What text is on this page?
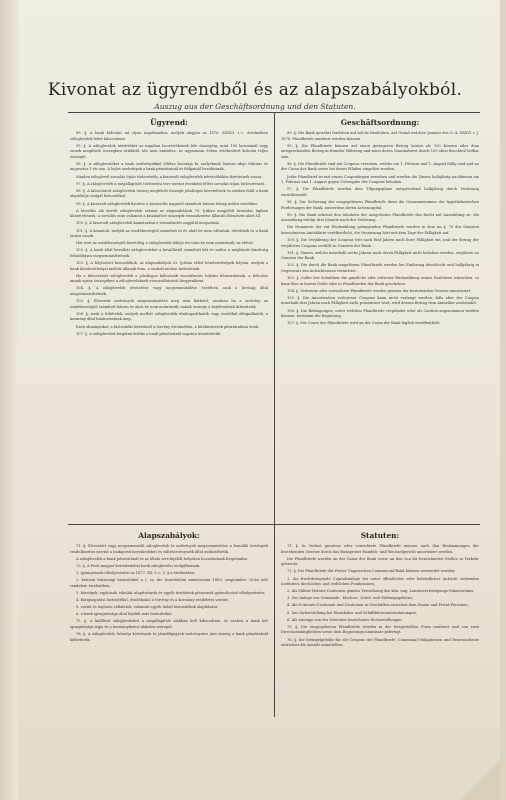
Kivonat az ügyrendből és az alapszabályokból.
Auszug aus der Geschäftsordnung und den Statuten.
Ügyrend:

89. §. A bank kölcsönt ad olyan ingatlanokra, melyek alapján az 1876. XXXVI. t.-c. értelmében záloglevelek lehet kibocsátani.

95. §. A záloglevelek névértékét az ingatlan becsértékének fele összegéig, mint 100 koronánál vagy ennek megfelelő összegben értékből, ide nem számítva, az ugyanazon évben értékesített kölcsön teljes összegét.

96. §. A zálogleveleket a bank szelvényekkel ellátva bocsátja ki, melyeknek lejárati ideje február és augusztus 1-én van. A lejárt szelvények a bank pénztáránál és fiókjainál beváltatnak.

Minden záloglevél sorsolás útján törlesztetik; a kisorsolt záloglevelek névértékükön fizettetnek vissza.

97. §. A záloglevelek a megállapított törlesztési terv szerint évenként félévi sorsolás útján törlesztetnek.

98. §. A kibocsátott záloglevelek összeg megfelelő összegű jelzálogos követelések és ezeken felül a bank alaptőkéje szolgál biztosítékul.

99. §. A kisorsolt záloglevelek fizetése a kisorsolás napjától számított három hónap múlva esedékes.

A bevallás alá került záloglevelek számai az alapszabályok 70. §-ában megjelölt hivatalos lapban közzététetnek; a sorsolás után valamint a kiszámított összegek visszafizetése állandó ellenőrzés alatt áll.

100. §. A kisorsolt záloglevelek kamatozása a visszafizetés napjától megszűnik.

101. §. A kamatok, melyek az esedékességtől számított öt év alatt be nem váltattak, elévülnek és a bank javára esnek.

Hat évet az esedékességtől követőleg a záloglevelek tőkéje évi után be nem mutattatik, az elévül.

102. §. A bank által bevallott zálogleveleket a bevallástól számított két év múlva a megbízott bizottság felszólításra megsemmisíttetnek.

103. §. A folyósított biztosítékok, az alapszabályok 52. §-ában előírt kötelezettségek folytán, melyek a bank kötelezettségei mellett állanak fenn, a szokott módon intéztetnek.

Ha a kibocsátott záloglevelek a jelzálogos kölcsönök visszafizetés folytán felmondatnak, a kölcsönt annak egész összegében a zálogleveleknek visszaváltásával kiegyenlíteni.

104. §. A záloglevelek elvesztése vagy megsemmisülése esetében azok a bíróság által megsemmisíttetnek.

105. §. Elveszett szelvények megsemmisítése meg nem kérhető; azonban ha a szelvény az esedékességtől számított három év alatt be nem mutattatik, annak összege a bejelentőnek kifizettetik.

106. §. Azok a feltételek, melyek mellett záloglevelek elzálogosíthatók vagy óvadékul elfogadhatók, a kormány által határoztatnak meg.

Ezen okmányokat, a biztosítéki letéteknél a törvény értelmében, a hitelintézetek pénztáraiban őrzik.

107. §. A záloglevelek forgalmi értéke a bank pénztáránál naponta közzététetik.

Geschäftsordnung:

89. §. Die Bank gewährt Darlehen auf solche Realitäten, auf Grund welcher, gemäss des G.-A. XXXVI v. J. 1876. Pfandbriefe emittiert werden können.

95. §. Die Pfandbriefe können auf einen geringeren Betrag lauten als 100 Kronen oder dem entsprechenden Betrag in fremder Währung und muss deren Nominalwert durch 100 ohne Bruchteil teilbar sein.

96. §. Die Pfandbriefe sind mit Coupons versehen, welche am 1. Februar und 1. August fällig sind und an der Cassa der Bank sowie bei deren Filialen eingelöst werden.

Jeder Pfandbrief ist mit einem Couponbogen versehen und werden die Zinsen halbjährig nachhinein am 1. Februar und 1. August gegen Uebergabe der Coupons behoben.

97. §. Die Pfandbriefe werden dem Tilgungsplane entsprechend halbjährig durch Verlosung zurückbezahlt.

98. §. Zur Sicherung der ausgegebenen Pfandbriefe dient die Gesammtsumme der hypothekarischen Forderungen der Bank, ausserdem deren Actiencapital.

99. §. Die Bank erkennt den Inhabern der ausgelosten Pfandbriefe das Recht auf Auszahlung zu; die Auszahlung erfolgt drei Monate nach der Verlosung.

Die Nummern der zur Rückzahlung gelangenden Pfandbriefe werden in dem im §. 70 der Statuten bezeichneten Amtsblatte veröffentlicht, die Verzinsung hört mit dem Tage der Fälligkeit auf.

100. §. Die Verjährung der Coupons tritt nach fünf Jahren nach ihrer Fälligkeit ein, und der Betrag der verjährten Coupons verfällt zu Gunsten der Bank.

101. §. Zinsen, welche innerhalb sechs Jahren nach deren Fälligkeit nicht behoben werden, verjähren zu Gunsten der Bank.

102. §. Die durch die Bank eingelösten Pfandbriefe werden bei Einlösung durchlocht und halbjährig in Gegenwart des Aufsichtsrates vernichtet.

103. §. Sollte der Schuldner die gänzliche oder teilweise Rückzahlung seines Darlehens wünschen, so kann dies in barem Gelde oder in Pfandbriefen der Bank geschehen.

104. §. Verlorene oder vernichtete Pfandbriefe werden gemäss der bestehenden Gesetze amortisiert.

105. §. Die Amortisation verlorener Coupons kann nicht verlangt werden; falls aber der Coupon innerhalb drei Jahren nach Fälligkeit nicht präsentiert wird, wird dessen Betrag dem Anmelder ausbezahlt.

106. §. Die Bedingungen, unter welchen Pfandbriefe verpfändet oder als Caution angenommen werden können, bestimmt die Regierung.

107. §. Der Cours der Pfandbriefe wird an der Cassa der Bank täglich veröffentlicht.

Alapszabályok:

71. §. Elvesztett vagy megsemmisült záloglevelek és szelvények megsemmisítése a fennálló törvények rendelkezései szerint a budapesti kereskedelmi és váltótörvényszék által eszközöltetik.

A záloglevelek a bank pénztáránál és az általa erre kijelölt helyeken bocsáttatnak forgalomba.

73. §. A Pesti magyar kereskedelmi bank záloglevelei szolgálhatnak:

1. gyámpénzek elhelyezésére az 1877. XX. t.-c. 2. §-a értelmében;

2. katonai házassági biztosítékul a t. sz. kir. honvédelmi ministerium 1889. szeptember 20-án kelt rendelete értelmében;

3. községek, egyházak, iskolák, alapítványok és egyéb testületek pénzeinek gyümölcsöző elhelyezésére;

4. közigazgatási biztosítékul, óvadékokul a törvény és a kormány rendeletei szerint;

5. vasúti és hajózási vállalatok, valamint egyéb üzleti biztosítékok alapítására;

6. a bank igazgatósága által kijelölt más biztosítékul.

75. §. A kiállított zálogleveleket a megállapított alakban kell kibocsátani, és ezeken a bank két igazgatósági tagja és a kormánybiztos aláírása szerepel.

76. §. A záloglevelek, községi kötvények és járadékjegyek szelvényeire járó összeg a bank pénztáránál kifizettetik.

Statuten:

71. §. In Verlust geratene oder vernichtete Pfandbriefe müssen nach den Bestimmungen der bestehenden Gesetze durch das Budapester Handels- und Wechselgericht amortisiert werden.

Die Pfandbriefe werden an der Cassa der Bank sowie an den von ihr bezeichneten Stellen in Verkehr gebracht.

73. §. Die Pfandbriefe der Pester Ungarischen Commercial-Bank können verwendet werden:

1. Als fruchtbringende Capitalsanlage bei unter öffentlicher oder behördlicher Aufsicht stehenden Instituten, kirchlichen und weltlichen Fundationen;

2. Als Militär-Heirats-Cautionen gemäss Verordnung des kön. ung. Landesverteidigungs-Ministeriums;

3. Zur Anlage von Gemeinde-, Kirchen-, Schul- und Stiftungsgeldern;

4. Als Notariats-Cautionen und Cautionen in Geschäften zwischen dem Staate und Privat-Personen;

5. Zur Sicherstellung bei Eisenbahn- und Schifffahrtsunternehmungen;

6. Als sonstige von der Direction bezeichnete Sicherstellungen.

75. §. Die ausgegebenen Pfandbriefe werden in der festgestellten Form emittiert und von zwei Directionsmitgliedern sowie dem Regierungscommissär gefertigt.

76. §. Die Stempelgebühr für die Coupons der Pfandbriefe, Communal-Obligationen und Rentenscheine entrichtet die Anstalt unmittelbar.
